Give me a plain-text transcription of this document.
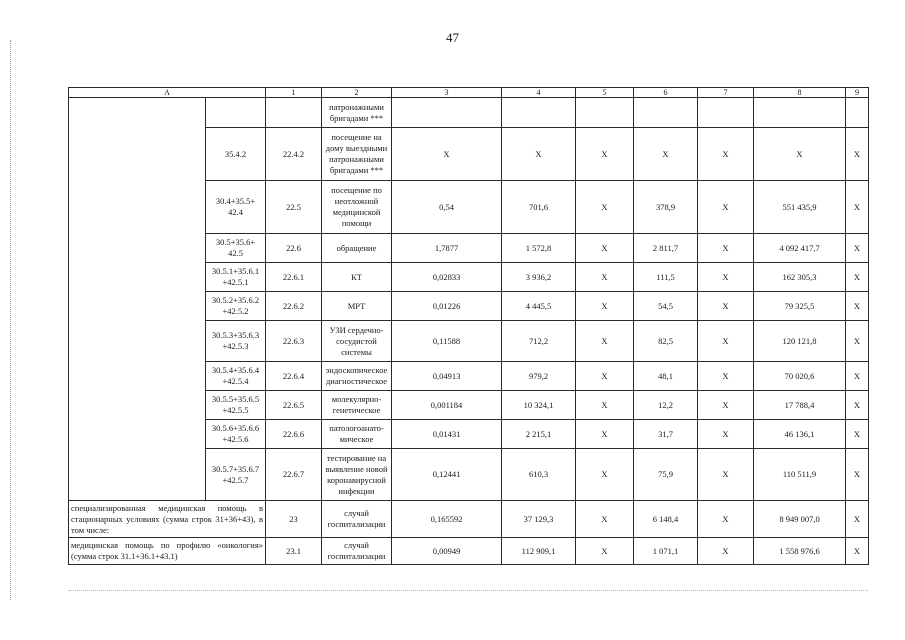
47
А		1	2	3	4	5	6	7	8	9
			патронажными бригадами ***							
	35.4.2	22.4.2	посещение на дому выездными патронажными бригадами ***	X	X	X	X	X	X	X
	30.4+35.5+ 42.4	22.5	посещение по неотложной медицинской помощи	0,54	701,6	X	378,9	X	551 435,9	X
	30.5+35.6+ 42.5	22.6	обращение	1,7877	1 572,8	X	2 811,7	X	4 092 417,7	X
	30.5.1+35.6.1 +42.5.1	22.6.1	КТ	0,02833	3 936,2	X	111,5	X	162 305,3	X
	30.5.2+35.6.2 +42.5.2	22.6.2	МРТ	0,01226	4 445,5	X	54,5	X	79 325,5	X
	30.5.3+35.6.3 +42.5.3	22.6.3	УЗИ сердечно-сосудистой системы	0,11588	712,2	X	82,5	X	120 121,8	X
	30.5.4+35.6.4 +42.5.4	22.6.4	эндоскопическое диагностическое	0,04913	979,2	X	48,1	X	70 020,6	X
	30.5.5+35.6.5 +42.5.5	22.6.5	молекулярно-генетическое	0,001184	10 324,1	X	12,2	X	17 788,4	X
	30.5.6+35.6.6 +42.5.6	22.6.6	патологоанато-мическое	0,01431	2 215,1	X	31,7	X	46 136,1	X
	30.5.7+35.6.7 +42.5.7	22.6.7	тестирование на выявление новой коронавирусной инфекции	0,12441	610,3	X	75,9	X	110 511,9	X
специализированная медицинская помощь в стационарных условиях (сумма строк 31+36+43), в том числе:		23	случай госпитализации	0,165592	37 129,3	X	6 148,4	X	8 949 007,0	X
медицинская помощь по профилю «онкология» (сумма строк 31.1+36.1+43.1)		23.1	случай госпитализации	0,00949	112 909,1	X	1 071,1	X	1 558 976,6	X
